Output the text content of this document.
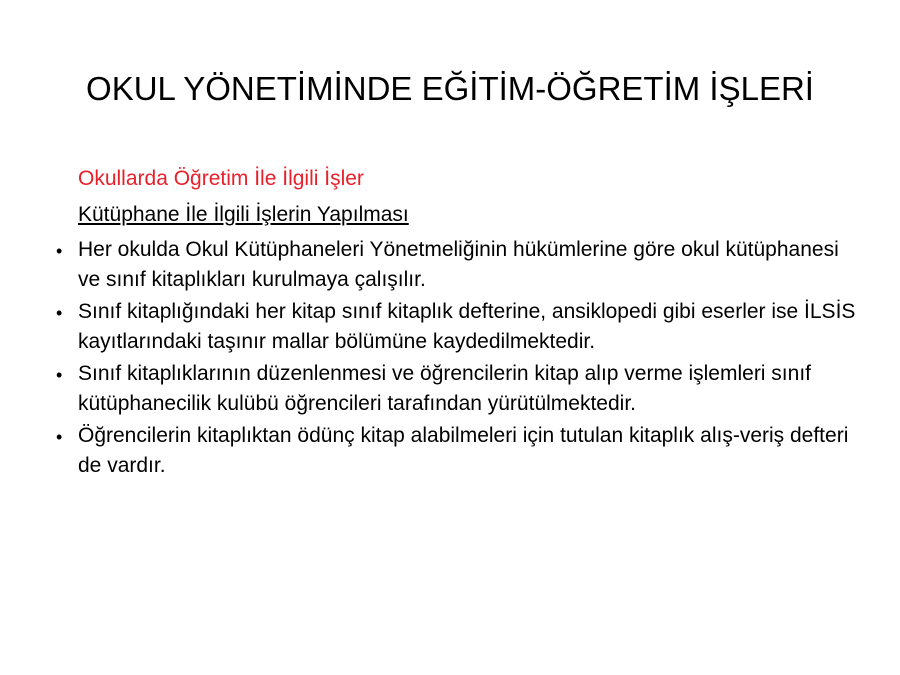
OKUL YÖNETİMİNDE EĞİTİM-ÖĞRETİM İŞLERİ
Okullarda Öğretim İle İlgili İşler
Kütüphane İle İlgili İşlerin Yapılması
• Her okulda Okul Kütüphaneleri Yönetmeliğinin hükümlerine göre okul kütüphanesi ve sınıf kitaplıkları kurulmaya çalışılır.
• Sınıf kitaplığındaki her kitap sınıf kitaplık defterine, ansiklopedi gibi eserler ise İLSİS kayıtlarındaki taşınır mallar bölümüne kaydedilmektedir.
• Sınıf kitaplıklarının düzenlenmesi ve öğrencilerin kitap alıp verme işlemleri sınıf kütüphanecilik kulübü öğrencileri tarafından yürütülmektedir.
• Öğrencilerin kitaplıktan ödünç kitap alabilmeleri için tutulan kitaplık alış-veriş defteri de vardır.
